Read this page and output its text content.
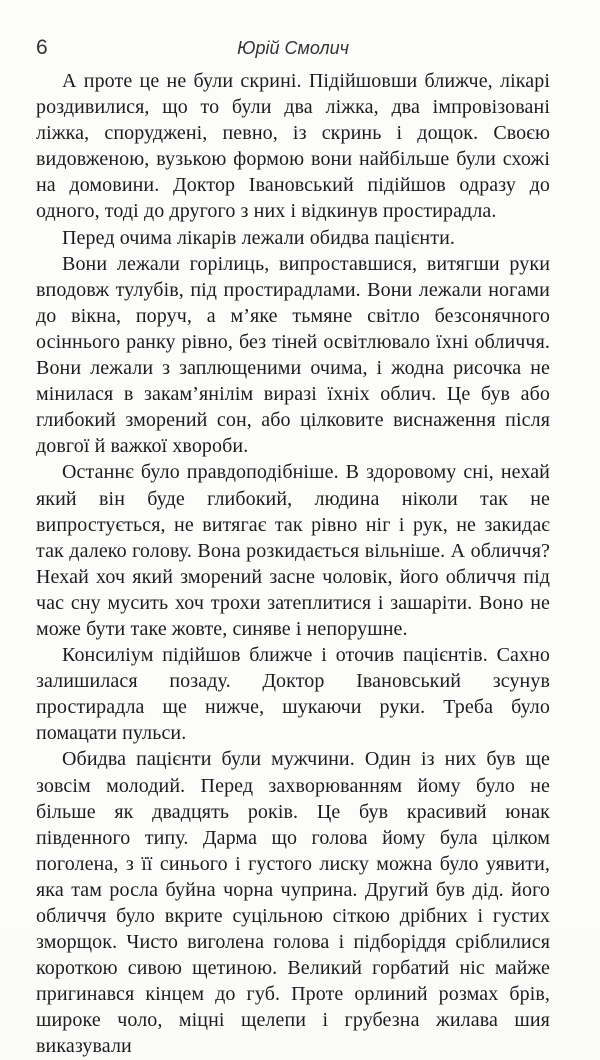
6	Юрій Смолич

А проте це не були скрині. Підійшовши ближче, лікарі роздивилися, що то були два ліжка, два імпровізовані ліжка, споруджені, певно, із скринь і дощок. Своєю видовженою, вузькою формою вони найбільше були схожі на домовини. Доктор Івановський підійшов одразу до одного, тоді до другого з них і відкинув простирадла.

Перед очима лікарів лежали обидва пацієнти.

Вони лежали горілиць, випроставшися, витягши руки вподовж тулубів, під простирадлами. Вони лежали ногами до вікна, поруч, а м’яке тьмяне світло безсонячного осіннього ранку рівно, без тіней освітлювало їхні обличчя. Вони лежали з заплющеними очима, і жодна рисочка не мінилася в закам’янілім виразі їхніх облич. Це був або глибокий зморений сон, або цілковите виснаження після довгої й важкої хвороби.

Останнє було правдоподібніше. В здоровому сні, нехай який він буде глибокий, людина ніколи так не випростується, не витягає так рівно ніг і рук, не закидає так далеко голову. Вона розкидається вільніше. А обличчя? Нехай хоч який зморений засне чоловік, його обличчя під час сну мусить хоч трохи затеплитися і зашаріти. Воно не може бути таке жовте, синяве і непорушне.

Консиліум підійшов ближче і оточив пацієнтів. Сахно залишилася позаду. Доктор Івановський зсунув простирадла ще нижче, шукаючи руки. Треба було помацати пульси.

Обидва пацієнти були мужчини. Один із них був ще зовсім молодий. Перед захворюванням йому було не більше як двадцять років. Це був красивий юнак південного типу. Дарма що голова йому була цілком поголена, з її синього і густого лиску можна було уявити, яка там росла буйна чорна чуприна. Другий був дід. його обличчя було вкрите суцільною сіткою дрібних і густих зморщок. Чисто виголена голова і підборіддя сріблилися короткою сивою щетиною. Великий горбатий ніс майже пригинався кінцем до губ. Проте орлиний розмах брів, широке чоло, міцні щелепи і грубезна жилава шия виказували
